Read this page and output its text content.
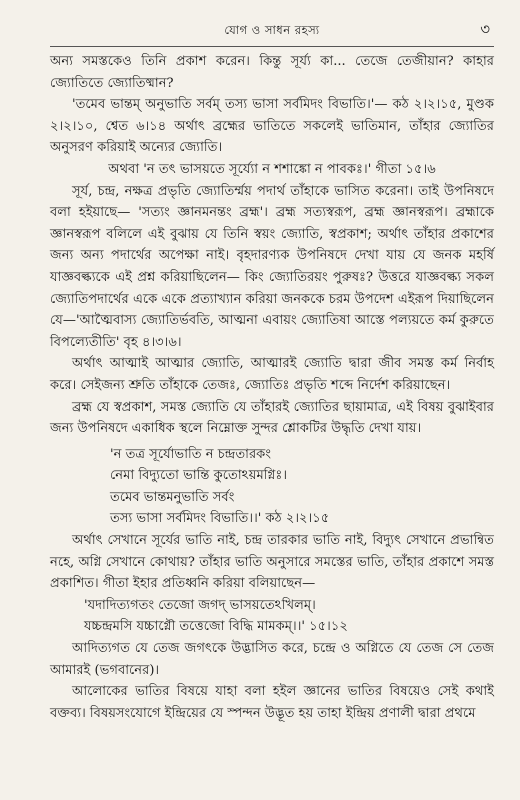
যোগ ও সাধন রহস্য	৩

অন্য সমস্তকেও তিনি প্রকাশ করেন। কিন্তু সূর্য্য কা... তেজে তেজীয়ান? কাহার জ্যোতিতে জ্যোতিষ্মান?

'তমেব ভান্তম্ অনুভাতি সর্বম্ তস্য ভাসা সর্বমিদং বিভাতি।'— কঠ ২।২।১৫, মুণ্ডক ২।২।১০, শ্বেত ৬।১৪ অর্থাৎ ব্রহ্মের ভাতিতে সকলেই ভাতিমান, তাঁহার জ্যোতির অনুসরণ করিয়াই অন্যের জ্যোতি।

অথবা 'ন তৎ ভাসয়তে সূর্য্যো ন শশাঙ্কো ন পাবকঃ।' গীতা ১৫।৬

সূর্য, চন্দ্র, নক্ষত্র প্রভৃতি জ্যোতির্ম্ময় পদার্থ তাঁহাকে ভাসিত করেনা। তাই উপনিষদে বলা হইয়াছে— 'সত্যং জ্ঞানমনন্তং ব্রহ্ম'। ব্রহ্ম সত্যস্বরূপ, ব্রহ্ম জ্ঞানস্বরূপ। ব্রহ্মাকে জ্ঞানস্বরূপ বলিলে এই বুঝায় যে তিনি স্বয়ং জ্যোতি, স্বপ্রকাশ; অর্থাৎ তাঁহার প্রকাশের জন্য অন্য পদার্থের অপেক্ষা নাই। বৃহদারণ্যক উপনিষদে দেখা যায় যে জনক মহর্ষি যাজ্ঞবল্ক্যকে এই প্রশ্ন করিয়াছিলেন— কিং জ্যোতিরয়ং পুরুষঃ? উত্তরে যাজ্ঞবল্ক্য সকল জ্যোতিপদার্থের একে একে প্রত্যাখ্যান করিয়া জনককে চরম উপদেশ এইরূপ দিয়াছিলেন যে—'আত্মৈবাস্য জ্যোতির্ভবতি, আত্মনা এবায়ং জ্যোতিষা আস্তে পল্যয়তে কর্ম কুরুতে বিপল্যেতীতি' বৃহ ৪।৩।৬।

অর্থাৎ আত্মাই আত্মার জ্যোতি, আত্মারই জ্যোতি দ্বারা জীব সমস্ত কর্ম নির্বাহ করে। সেইজন্য শ্রুতি তাঁহাকে তেজঃ, জ্যোতিঃ প্রভৃতি শব্দে নির্দেশ করিয়াছেন।

ব্রহ্ম যে স্বপ্রকাশ, সমস্ত জ্যোতি যে তাঁহারই জ্যোতির ছায়ামাত্র, এই বিষয় বুঝাইবার জন্য উপনিষদে একাধিক স্থলে নিম্নোক্ত সুন্দর শ্লোকটির উদ্ধৃতি দেখা যায়।

'ন তত্র সূর্যোভাতি ন চন্দ্রতারকং

নেমা বিদ্যুতো ভান্তি কুতোঽয়মগ্নিঃ।

তমেব ভান্তমনুভাতি সর্বং

তস্য ভাসা সর্বমিদং বিভাতি।।' কঠ ২।২।১৫

অর্থাৎ সেখানে সূর্যের ভাতি নাই, চন্দ্র তারকার ভাতি নাই, বিদ্যুৎ সেখানে প্রভান্বিত নহে, অগ্নি সেখানে কোথায়? তাঁহার ভাতি অনুসারে সমস্তের ভাতি, তাঁহার প্রকাশে সমস্ত প্রকাশিত। গীতা ইহার প্রতিধ্বনি করিয়া বলিয়াছেন—

'যদাদিত্যগতং তেজো জগদ্ ভাসয়তেঽখিলম্।

যচ্চন্দ্রমসি যচ্চাগ্নৌ তত্তেজো বিদ্ধি মামকম্।।' ১৫।১২

আদিত্যগত যে তেজ জগৎকে উদ্ভাসিত করে, চন্দ্রে ও অগ্নিতে যে তেজ সে তেজ আমারই (ভগবানের)।

আলোকের ভাতির বিষয়ে যাহা বলা হইল জ্ঞানের ভাতির বিষয়েও সেই কথাই বক্তব্য। বিষয়সংযোগে ইন্দ্রিয়ের যে স্পন্দন উদ্ভূত হয় তাহা ইন্দ্রিয় প্রণালী দ্বারা প্রথমে
